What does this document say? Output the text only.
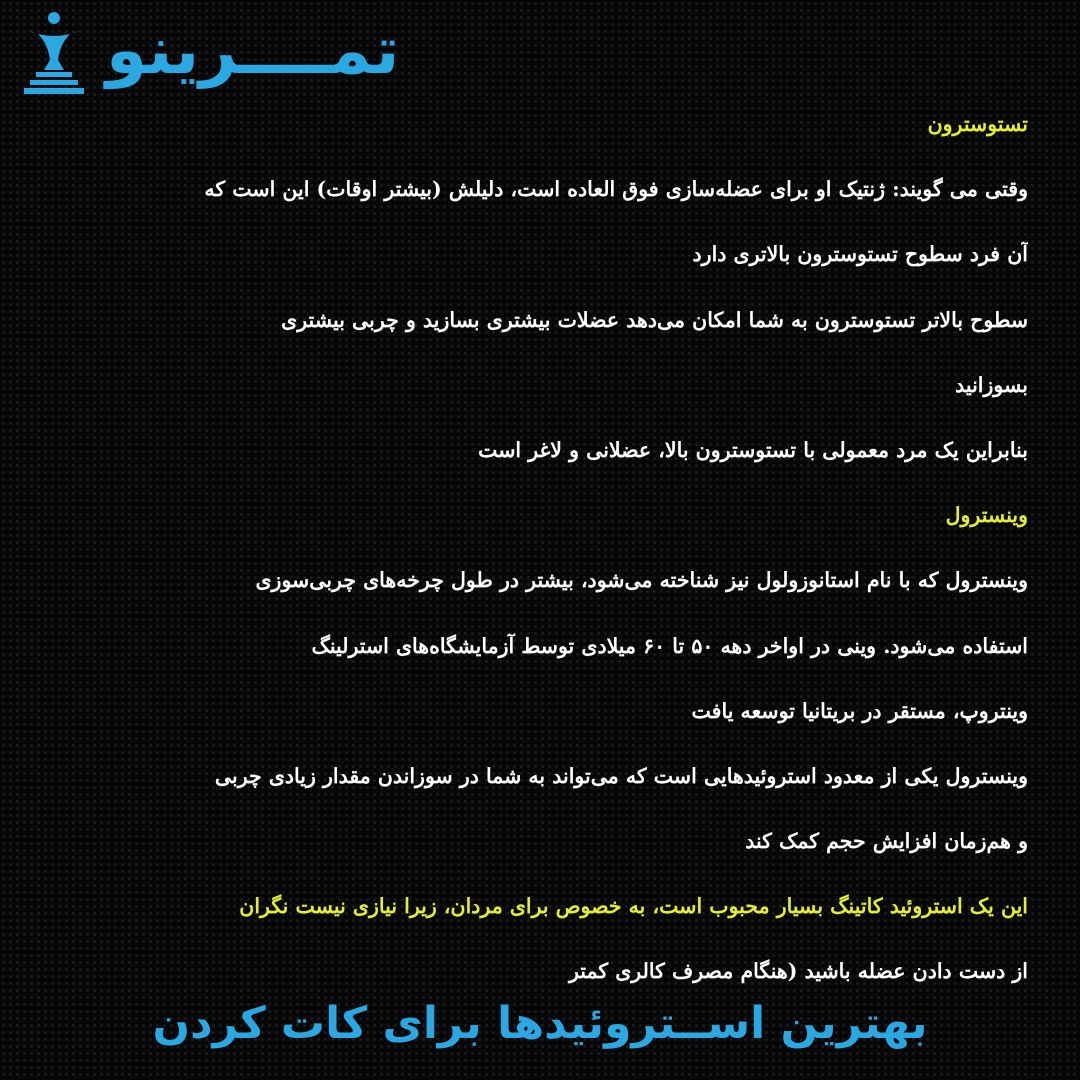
تمــــرینو
تستوسترون
وقتی می گویند: ژنتیک او برای عضله‌سازی فوق العاده است، دلیلش (بیشتر اوقات) این است که
آن فرد سطوح تستوسترون بالاتری دارد
سطوح بالاتر تستوسترون به شما امکان می‌دهد عضلات بیشتری بسازید و چربی بیشتری
بسوزانید
بنابراین یک مرد معمولی با تستوسترون بالا، عضلانی و لاغر است
وینسترول
وینسترول که با نام استانوزولول نیز شناخته می‌شود، بیشتر در طول چرخه‌های چربی‌سوزی
استفاده می‌شود. وینی در اواخر دهه ۵۰ تا ۶۰ میلادی توسط آزمایشگاه‌های استرلینگ
وینتروپ، مستقر در بریتانیا توسعه یافت
وینسترول یکی از معدود استروئیدهایی است که می‌تواند به شما در سوزاندن مقدار زیادی چربی
و هم‌زمان افزایش حجم کمک کند
این یک استروئید کاتینگ بسیار محبوب است، به خصوص برای مردان، زیرا نیازی نیست نگران
از دست دادن عضله باشید (هنگام مصرف کالری کمتر
بهترین اســتروئیدها برای کات کردن
